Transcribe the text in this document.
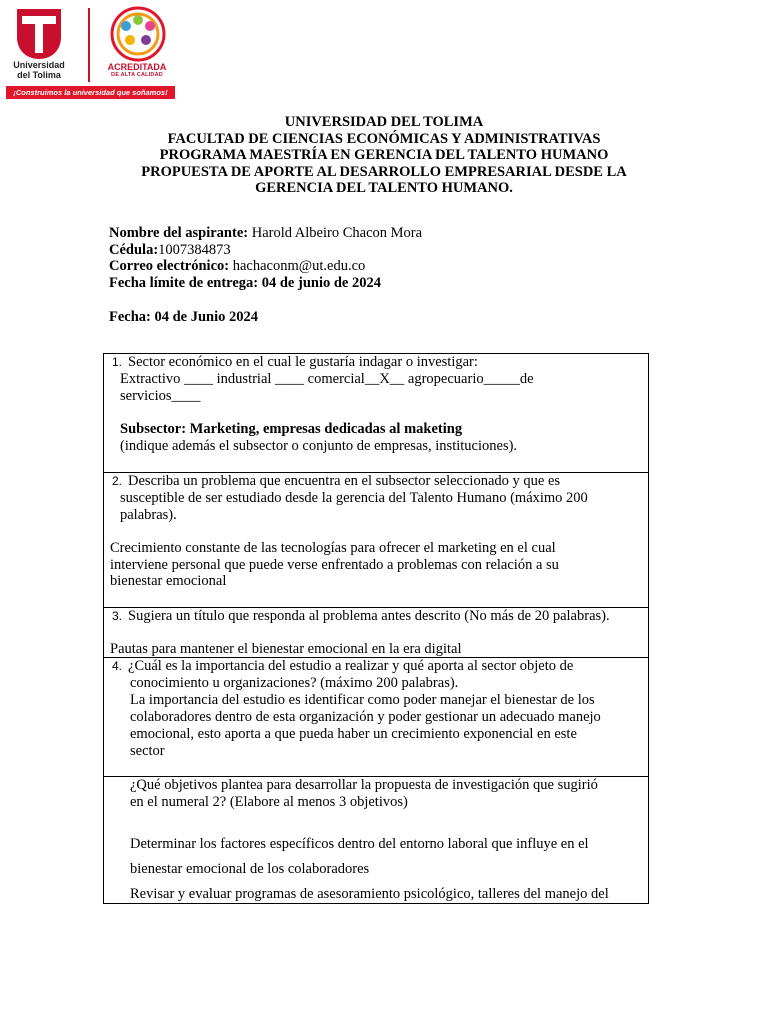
Universidad
del Tolima
ACREDITADA
DE ALTA CALIDAD
¡Construimos la universidad que soñamos!
UNIVERSIDAD DEL TOLIMA
FACULTAD DE CIENCIAS ECONÓMICAS Y ADMINISTRATIVAS
PROGRAMA MAESTRÍA EN GERENCIA DEL TALENTO HUMANO
PROPUESTA DE APORTE AL DESARROLLO EMPRESARIAL DESDE LA
GERENCIA DEL TALENTO HUMANO.
Nombre del aspirante: Harold Albeiro Chacon Mora
Cédula:1007384873
Correo electrónico: hachaconm@ut.edu.co
Fecha límite de entrega: 04 de junio de 2024
Fecha: 04 de Junio 2024
1. Sector económico en el cual le gustaría indagar o investigar:
Extractivo ____ industrial ____ comercial__X__ agropecuario_____de
servicios____
Subsector: Marketing, empresas dedicadas al maketing
(indique además el subsector o conjunto de empresas, instituciones).
2. Describa un problema que encuentra en el subsector seleccionado y que es
susceptible de ser estudiado desde la gerencia del Talento Humano (máximo 200
palabras).
Crecimiento constante de las tecnologías para ofrecer el marketing en el cual
interviene personal que puede verse enfrentado a problemas con relación a su
bienestar emocional
3. Sugiera un título que responda al problema antes descrito (No más de 20 palabras).
Pautas para mantener el bienestar emocional en la era digital
4. ¿Cuál es la importancia del estudio a realizar y qué aporta al sector objeto de
conocimiento u organizaciones? (máximo 200 palabras).
La importancia del estudio es identificar como poder manejar el bienestar de los
colaboradores dentro de esta organización y poder gestionar un adecuado manejo
emocional, esto aporta a que pueda haber un crecimiento exponencial en este
sector
¿Qué objetivos plantea para desarrollar la propuesta de investigación que sugirió
en el numeral 2? (Elabore al menos 3 objetivos)
Determinar los factores específicos dentro del entorno laboral que influye en el
bienestar emocional de los colaboradores
Revisar y evaluar programas de asesoramiento psicológico, talleres del manejo del
